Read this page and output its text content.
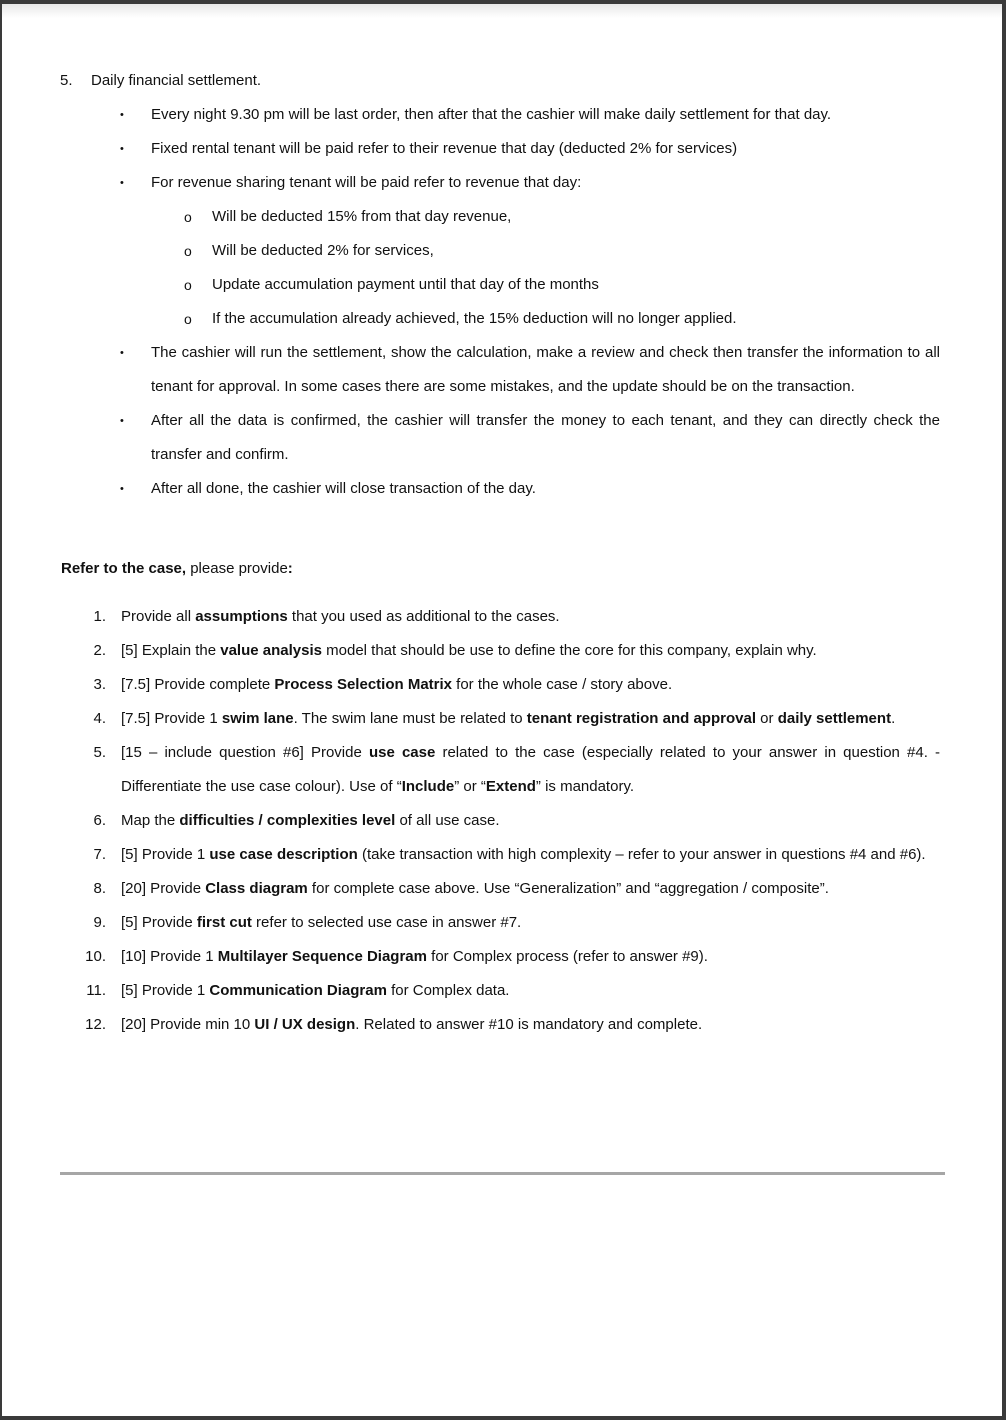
5. Daily financial settlement.
•	Every night 9.30 pm will be last order, then after that the cashier will make daily settlement for that day.
•	Fixed rental tenant will be paid refer to their revenue that day (deducted 2% for services)
•	For revenue sharing tenant will be paid refer to revenue that day:
o Will be deducted 15% from that day revenue,
o Will be deducted 2% for services,
o Update accumulation payment until that day of the months
o If the accumulation already achieved, the 15% deduction will no longer applied.
•	The cashier will run the settlement, show the calculation, make a review and check then transfer the information to all tenant for approval. In some cases there are some mistakes, and the update should be on the transaction.
•	After all the data is confirmed, the cashier will transfer the money to each tenant, and they can directly check the transfer and confirm.
•	After all done, the cashier will close transaction of the day.
Refer to the case, please provide:
1. Provide all assumptions that you used as additional to the cases.
2. [5] Explain the value analysis model that should be use to define the core for this company, explain why.
3. [7.5] Provide complete Process Selection Matrix for the whole case / story above.
4. [7.5] Provide 1 swim lane. The swim lane must be related to tenant registration and approval or daily settlement.
5. [15 – include question #6] Provide use case related to the case (especially related to your answer in question #4. - Differentiate the use case colour). Use of “Include” or “Extend” is mandatory.
6. Map the difficulties / complexities level of all use case.
7. [5] Provide 1 use case description (take transaction with high complexity – refer to your answer in questions #4 and #6).
8. [20] Provide Class diagram for complete case above. Use “Generalization” and “aggregation / composite”.
9. [5] Provide first cut refer to selected use case in answer #7.
10. [10] Provide 1 Multilayer Sequence Diagram for Complex process (refer to answer #9).
11. [5] Provide 1 Communication Diagram for Complex data.
12. [20] Provide min 10 UI / UX design. Related to answer #10 is mandatory and complete.
